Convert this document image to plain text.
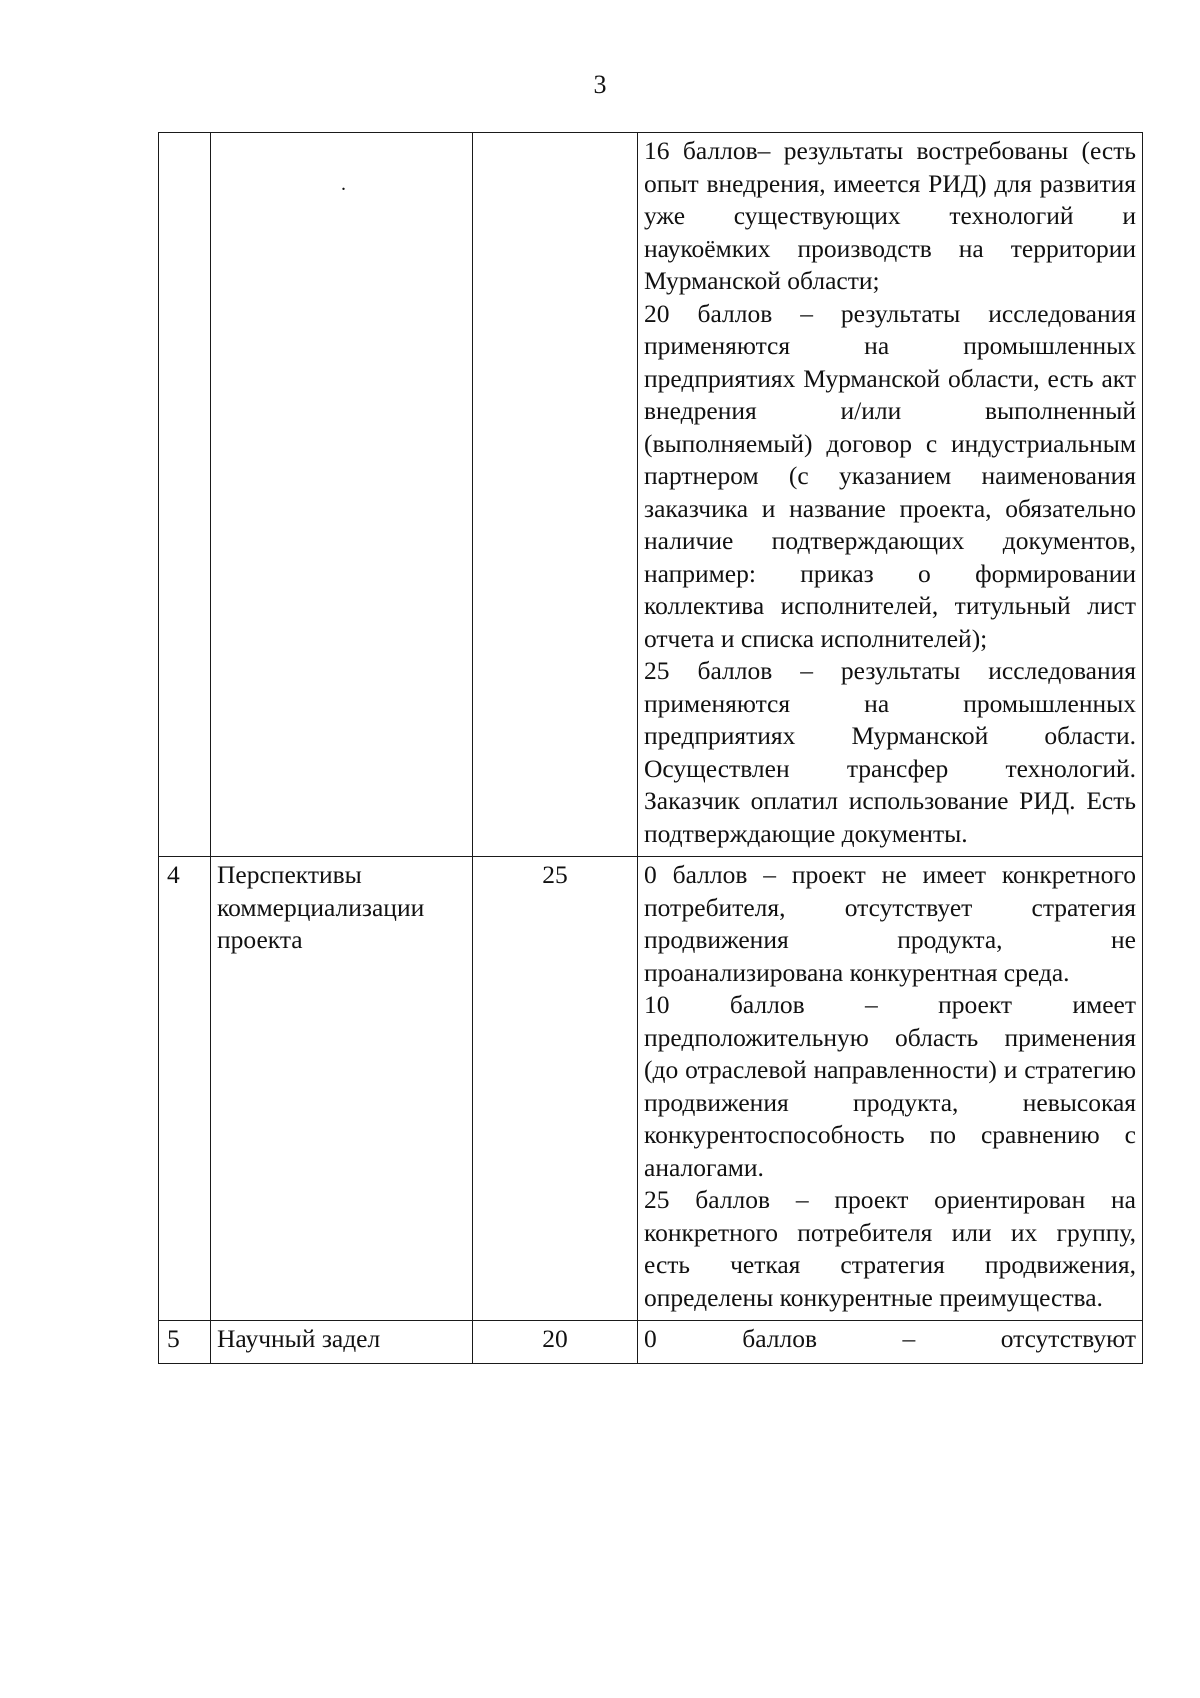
3

	.		16 баллов– результаты востребованы (есть опыт внедрения, имеется РИД) для развития уже существующих технологий и наукоёмких производств на территории Мурманской области;
20 баллов – результаты исследования применяются на промышленных предприятиях Мурманской области, есть акт внедрения и/или выполненный (выполняемый) договор с индустриальным партнером (с указанием наименования заказчика и название проекта, обязательно наличие подтверждающих документов, например: приказ о формировании коллектива исполнителей, титульный лист отчета и списка исполнителей);
25 баллов – результаты исследования применяются на промышленных предприятиях Мурманской области. Осуществлен трансфер технологий. Заказчик оплатил использование РИД. Есть подтверждающие документы.

4	Перспективы коммерциализации проекта	25	0 баллов – проект не имеет конкретного потребителя, отсутствует стратегия продвижения продукта, не проанализирована конкурентная среда.
10 баллов – проект имеет предположительную область применения (до отраслевой направленности) и стратегию продвижения продукта, невысокая конкурентоспособность по сравнению с аналогами.
25 баллов – проект ориентирован на конкретного потребителя или их группу, есть четкая стратегия продвижения, определены конкурентные преимущества.

5	Научный задел	20	0 баллов – отсутствуют
